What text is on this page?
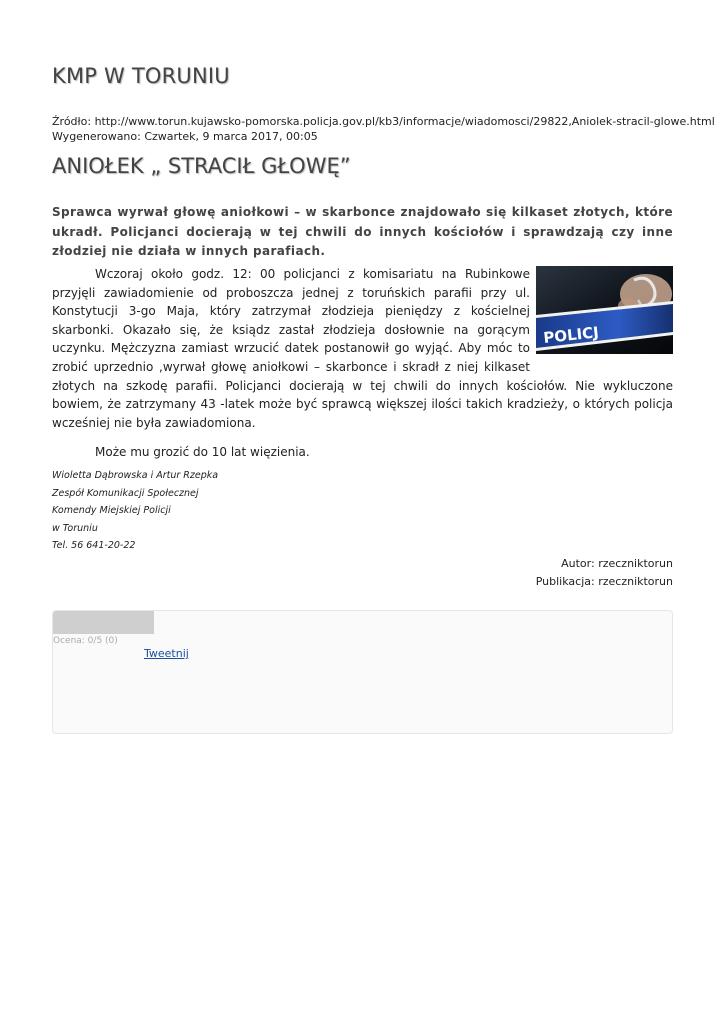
KMP W TORUNIU
Źródło: http://www.torun.kujawsko-pomorska.policja.gov.pl/kb3/informacje/wiadomosci/29822,Aniolek-stracil-glowe.html
Wygenerowano: Czwartek, 9 marca 2017, 00:05
ANIOŁEK „ STRACIŁ GŁOWĘ”

Sprawca wyrwał głowę aniołkowi – w skarbonce znajdowało się kilkaset złotych, które ukradł. Policjanci docierają w tej chwili do innych kościołów i sprawdzają czy inne złodziej nie działa w innych parafiach.

POLICJ

Wczoraj około godz. 12: 00 policjanci z komisariatu na Rubinkowe przyjęli zawiadomienie od proboszcza jednej z toruńskich parafii przy ul. Konstytucji 3-go Maja, który zatrzymał złodzieja pieniędzy z kościelnej skarbonki. Okazało się, że ksiądz zastał złodzieja dosłownie na gorącym uczynku. Mężczyzna zamiast wrzucić datek postanowił go wyjąć. Aby móc to zrobić uprzednio ,wyrwał głowę aniołkowi – skarbonce i skradł z niej kilkaset złotych na szkodę parafii. Policjanci docierają w tej chwili do innych kościołów. Nie wykluczone bowiem, że zatrzymany 43 -latek może być sprawcą większej ilości takich kradzieży, o których policja wcześniej nie była zawiadomiona.

Może mu grozić do 10 lat więzienia.

Wioletta Dąbrowska i Artur Rzepka
Zespół Komunikacji Społecznej
Komendy Miejskiej Policji
w Toruniu
Tel. 56 641-20-22
Autor: rzeczniktorun
Publikacja: rzeczniktorun
Ocena: 0/5 (0)
Tweetnij
